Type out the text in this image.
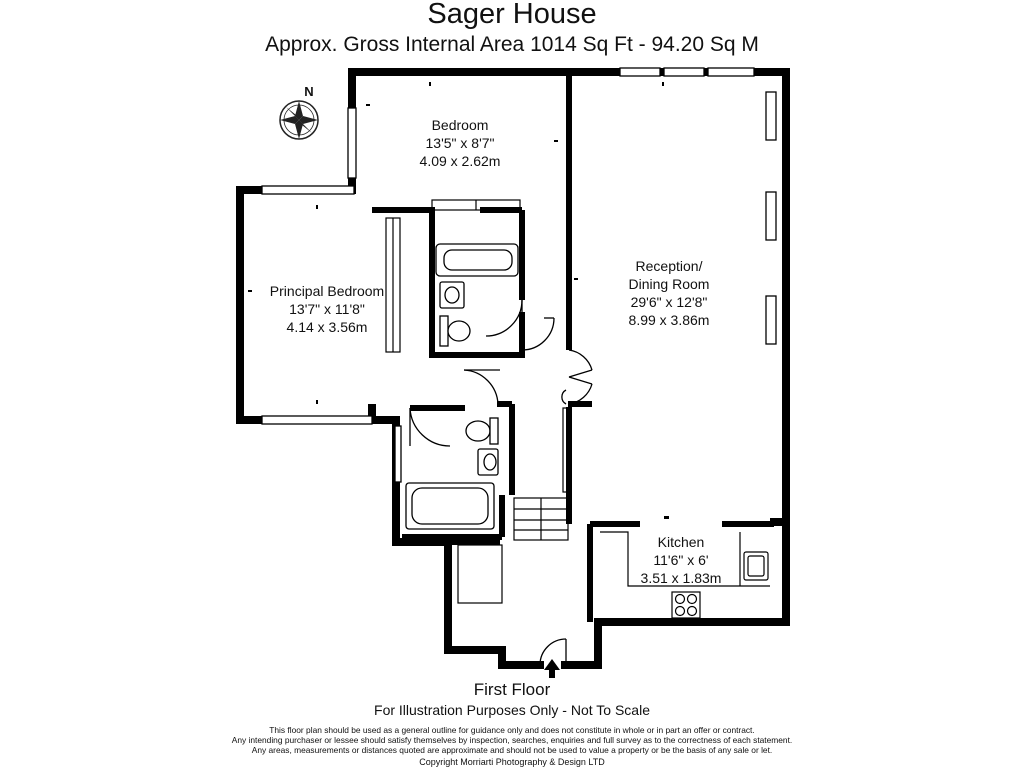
Sager House
Approx. Gross Internal Area 1014 Sq Ft - 94.20 Sq M
N
Bedroom
13'5" x 8'7"
4.09 x 2.62m
Principal Bedroom
13'7" x 11'8"
4.14 x 3.56m
Reception/
Dining Room
29'6" x 12'8"
8.99 x 3.86m
Kitchen
11'6" x 6'
3.51 x 1.83m
First Floor
For Illustration Purposes Only - Not To Scale
This floor plan should be used as a general outline for guidance only and does not constitute in whole or in part an offer or contract.
Any intending purchaser or lessee should satisfy themselves by inspection, searches, enquiries and full survey as to the correctness of each statement.
Any areas, measurements or distances quoted are approximate and should not be used to value a property or be the basis of any sale or let.
Copyright Morriarti Photography & Design LTD
